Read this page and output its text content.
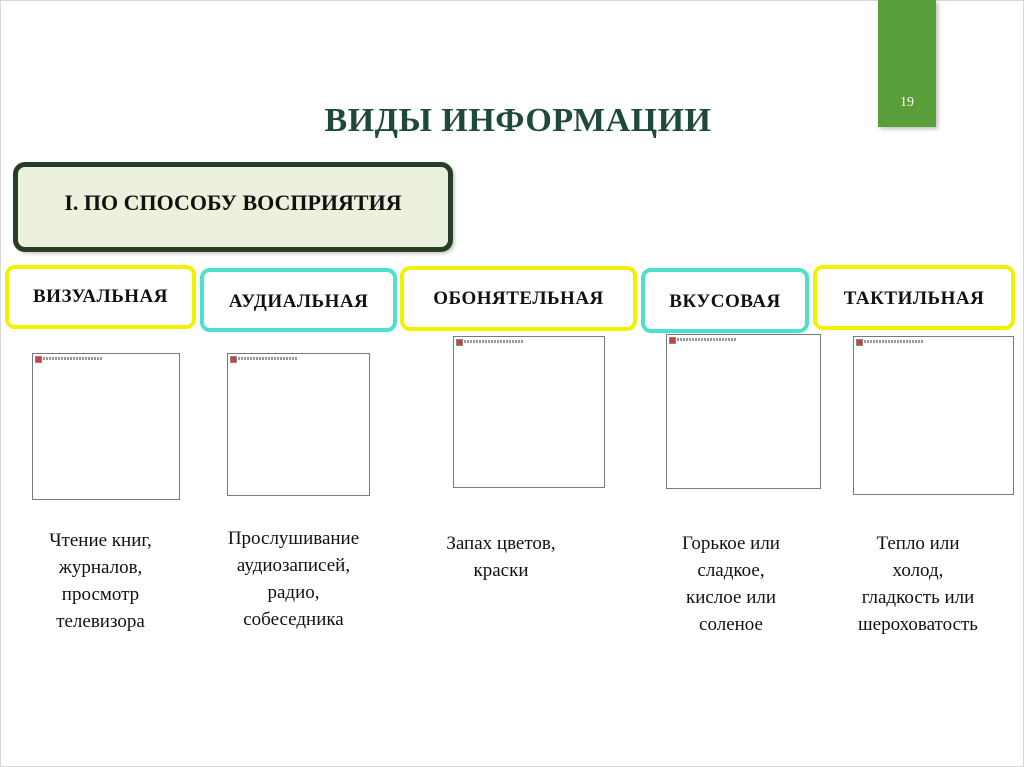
19
ВИДЫ ИНФОРМАЦИИ
I. ПО СПОСОБУ ВОСПРИЯТИЯ
ВИЗУАЛЬНАЯ
Чтение книг,
журналов,
просмотр
телевизора
АУДИАЛЬНАЯ
Прослушивание
аудиозаписей,
радио,
собеседника
ОБОНЯТЕЛЬНАЯ
Запах цветов,
краски
ВКУСОВАЯ
Горькое или
сладкое,
кислое или
соленое
ТАКТИЛЬНАЯ
Тепло или
холод,
гладкость или
шероховатость
